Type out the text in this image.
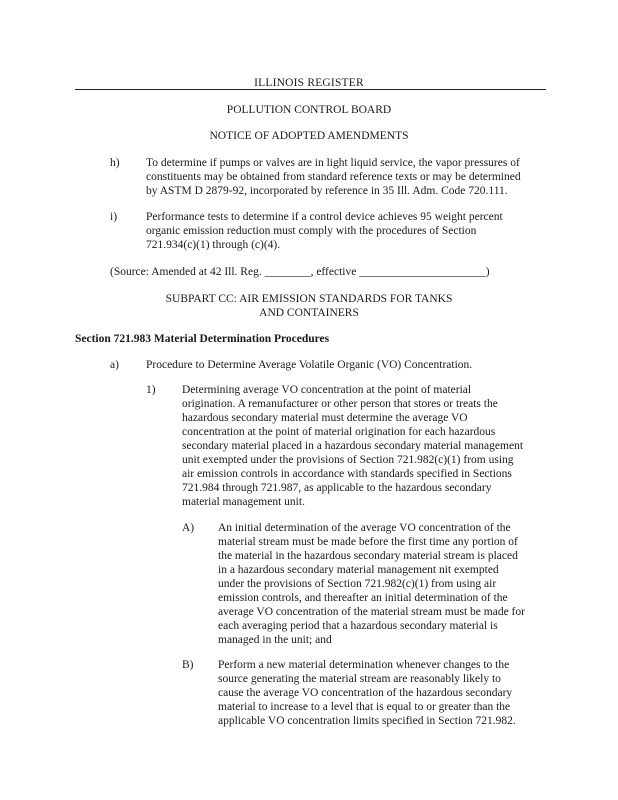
ILLINOIS REGISTER
POLLUTION CONTROL BOARD
NOTICE OF ADOPTED AMENDMENTS
h) To determine if pumps or valves are in light liquid service, the vapor pressures of
constituents may be obtained from standard reference texts or may be determined
by ASTM D 2879-92, incorporated by reference in 35 Ill. Adm. Code 720.111.
i)	Performance tests to determine if a control device achieves 95 weight percent
organic emission reduction must comply with the procedures of Section
721.934(c)(1) through (c)(4).
(Source: Amended at 42 Ill. Reg. ________, effective ______________________)
SUBPART CC: AIR EMISSION STANDARDS FOR TANKS
AND CONTAINERS
Section 721.983 Material Determination Procedures
a) Procedure to Determine Average Volatile Organic (VO) Concentration.
1) Determining average VO concentration at the point of material
origination. A remanufacturer or other person that stores or treats the
hazardous secondary material must determine the average VO
concentration at the point of material origination for each hazardous
secondary material placed in a hazardous secondary material management
unit exempted under the provisions of Section 721.982(c)(1) from using
air emission controls in accordance with standards specified in Sections
721.984 through 721.987, as applicable to the hazardous secondary
material management unit.
A) An initial determination of the average VO concentration of the
material stream must be made before the first time any portion of
the material in the hazardous secondary material stream is placed
in a hazardous secondary material management nit exempted
under the provisions of Section 721.982(c)(1) from using air
emission controls, and thereafter an initial determination of the
average VO concentration of the material stream must be made for
each averaging period that a hazardous secondary material is
managed in the unit; and
B) Perform a new material determination whenever changes to the
source generating the material stream are reasonably likely to
cause the average VO concentration of the hazardous secondary
material to increase to a level that is equal to or greater than the
applicable VO concentration limits specified in Section 721.982.
